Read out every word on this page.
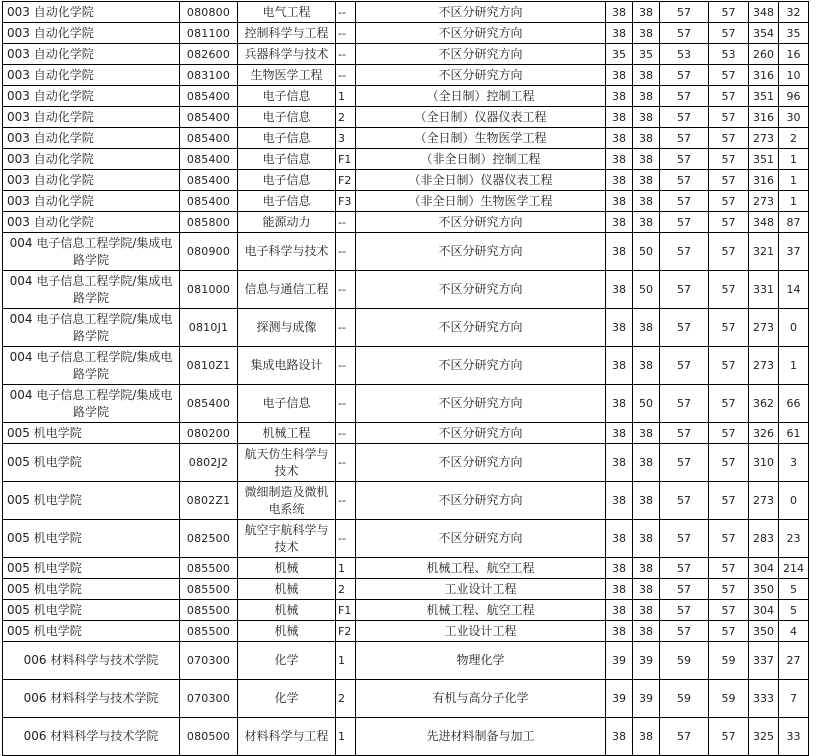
003 自动化学院	080800	电气工程	--	不区分研究方向	38	38	57	57	348	32
003 自动化学院	081100	控制科学与工程	--	不区分研究方向	38	38	57	57	354	35
003 自动化学院	082600	兵器科学与技术	--	不区分研究方向	35	35	53	53	260	16
003 自动化学院	083100	生物医学工程	--	不区分研究方向	38	38	57	57	316	10
003 自动化学院	085400	电子信息	1	（全日制）控制工程	38	38	57	57	351	96
003 自动化学院	085400	电子信息	2	（全日制）仪器仪表工程	38	38	57	57	316	30
003 自动化学院	085400	电子信息	3	（全日制）生物医学工程	38	38	57	57	273	2
003 自动化学院	085400	电子信息	F1	（非全日制）控制工程	38	38	57	57	351	1
003 自动化学院	085400	电子信息	F2	（非全日制）仪器仪表工程	38	38	57	57	316	1
003 自动化学院	085400	电子信息	F3	（非全日制）生物医学工程	38	38	57	57	273	1
003 自动化学院	085800	能源动力	--	不区分研究方向	38	38	57	57	348	87
004 电子信息工程学院/集成电路学院	080900	电子科学与技术	--	不区分研究方向	38	50	57	57	321	37
004 电子信息工程学院/集成电路学院	081000	信息与通信工程	--	不区分研究方向	38	50	57	57	331	14
004 电子信息工程学院/集成电路学院	0810J1	探测与成像	--	不区分研究方向	38	38	57	57	273	0
004 电子信息工程学院/集成电路学院	0810Z1	集成电路设计	--	不区分研究方向	38	38	57	57	273	1
004 电子信息工程学院/集成电路学院	085400	电子信息	--	不区分研究方向	38	50	57	57	362	66
005 机电学院	080200	机械工程	--	不区分研究方向	38	38	57	57	326	61
005 机电学院	0802J2	航天仿生科学与技术	--	不区分研究方向	38	38	57	57	310	3
005 机电学院	0802Z1	微细制造及微机电系统	--	不区分研究方向	38	38	57	57	273	0
005 机电学院	082500	航空宇航科学与技术	--	不区分研究方向	38	38	57	57	283	23
005 机电学院	085500	机械	1	机械工程、航空工程	38	38	57	57	304	214
005 机电学院	085500	机械	2	工业设计工程	38	38	57	57	350	5
005 机电学院	085500	机械	F1	机械工程、航空工程	38	38	57	57	304	5
005 机电学院	085500	机械	F2	工业设计工程	38	38	57	57	350	4
006 材料科学与技术学院	070300	化学	1	物理化学	39	39	59	59	337	27
006 材料科学与技术学院	070300	化学	2	有机与高分子化学	39	39	59	59	333	7
006 材料科学与技术学院	080500	材料科学与工程	1	先进材料制备与加工	38	38	57	57	325	33
